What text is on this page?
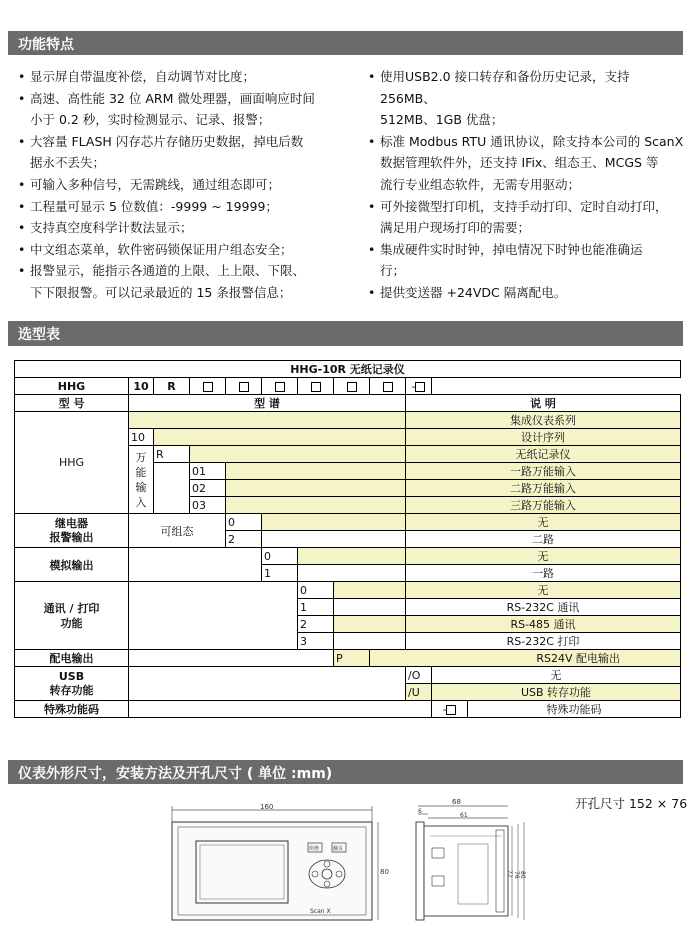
功能特点
• 显示屏自带温度补偿，自动调节对比度；
• 高速、高性能 32 位 ARM 微处理器，画面响应时间
小于 0.2 秒，实时检测显示、记录、报警；
• 大容量 FLASH 闪存芯片存储历史数据，掉电后数
据永不丢失；
• 可输入多种信号，无需跳线，通过组态即可；
• 工程量可显示 5 位数值：-9999 ~ 19999；
• 支持真空度科学计数法显示；
• 中文组态菜单，软件密码锁保证用户组态安全；
• 报警显示，能指示各通道的上限、上上限、下限、
下下限报警。可以记录最近的 15 条报警信息；
• 使用USB2.0 接口转存和备份历史记录，支持 256MB、
512MB、1GB 优盘；
• 标准 Modbus RTU 通讯协议，除支持本公司的 ScanX
数据管理软件外，还支持 IFix、组态王、MCGS 等
流行专业组态软件，无需专用驱动；
• 可外接微型打印机，支持手动打印、定时自动打印，
满足用户现场打印的需要；
• 集成硬件实时时钟，掉电情况下时钟也能准确运
行；
• 提供变送器 +24VDC 隔离配电。
选型表
HHG-10R 无纸记录仪											
HHG	10	R							-		
型 号	型 谱								说 明		
HHG									集成仪表系列		
	10								设计序列		
	万
能
输
入	R							无纸记录仪		
			01						一路万能输入		
			02						二路万能输入		
			03						三路万能输入		
继电器
报警输出	可组态			0					无		
				2					二路		
模拟输出					0				无		
					1				一路		
通讯 / 打印
功能						0			无		
						1			RS-232C 通讯		
						2			RS-485 通讯		
						3			RS-232C 打印		
配电输出							P	RS24V 配电输出			
USB
转存功能									/O	无	
									/U	USB 转存功能	
特殊功能码										-	特殊功能码
仪表外形尺寸，安装方法及开孔尺寸 ( 单位 :mm)
开孔尺寸 152 × 76
160
组態	翻页
Scan X
80
68
6
61
72 76 80
